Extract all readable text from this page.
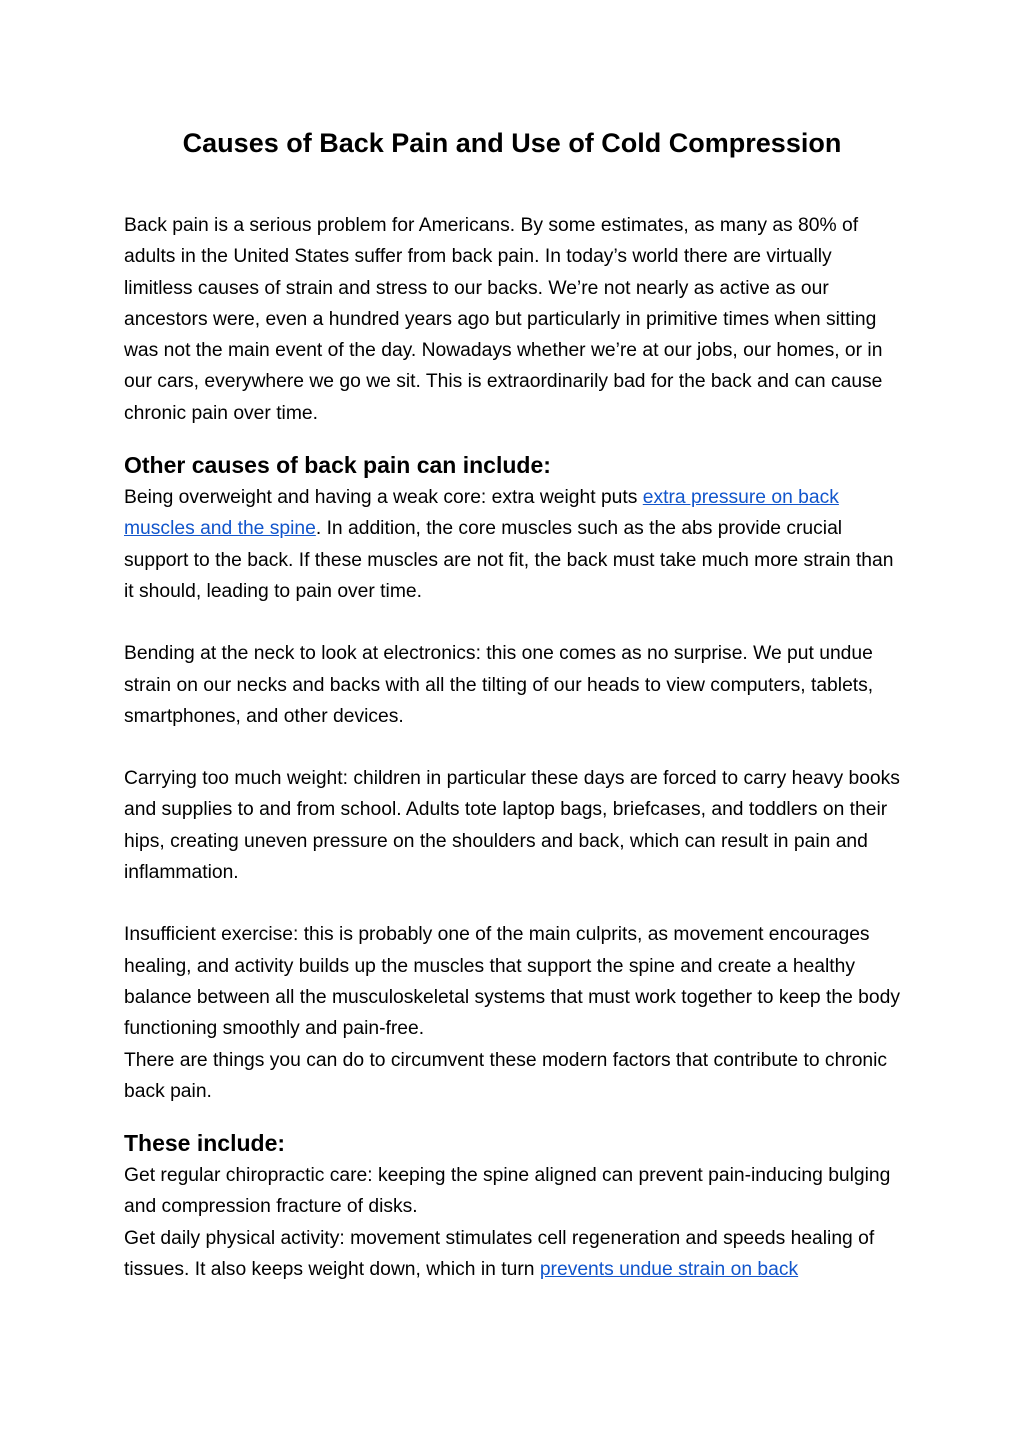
Causes of Back Pain and Use of Cold Compression

Back pain is a serious problem for Americans. By some estimates, as many as 80% of adults in the United States suffer from back pain. In today’s world there are virtually limitless causes of strain and stress to our backs. We’re not nearly as active as our ancestors were, even a hundred years ago but particularly in primitive times when sitting was not the main event of the day. Nowadays whether we’re at our jobs, our homes, or in our cars, everywhere we go we sit. This is extraordinarily bad for the back and can cause chronic pain over time.

Other causes of back pain can include:

Being overweight and having a weak core: extra weight puts extra pressure on back muscles and the spine. In addition, the core muscles such as the abs provide crucial support to the back. If these muscles are not fit, the back must take much more strain than it should, leading to pain over time.

Bending at the neck to look at electronics: this one comes as no surprise. We put undue strain on our necks and backs with all the tilting of our heads to view computers, tablets, smartphones, and other devices.

Carrying too much weight: children in particular these days are forced to carry heavy books and supplies to and from school. Adults tote laptop bags, briefcases, and toddlers on their hips, creating uneven pressure on the shoulders and back, which can result in pain and inflammation.

Insufficient exercise: this is probably one of the main culprits, as movement encourages healing, and activity builds up the muscles that support the spine and create a healthy balance between all the musculoskeletal systems that must work together to keep the body functioning smoothly and pain-free.

There are things you can do to circumvent these modern factors that contribute to chronic back pain.

These include:

Get regular chiropractic care: keeping the spine aligned can prevent pain-inducing bulging and compression fracture of disks.

Get daily physical activity: movement stimulates cell regeneration and speeds healing of tissues. It also keeps weight down, which in turn prevents undue strain on back
